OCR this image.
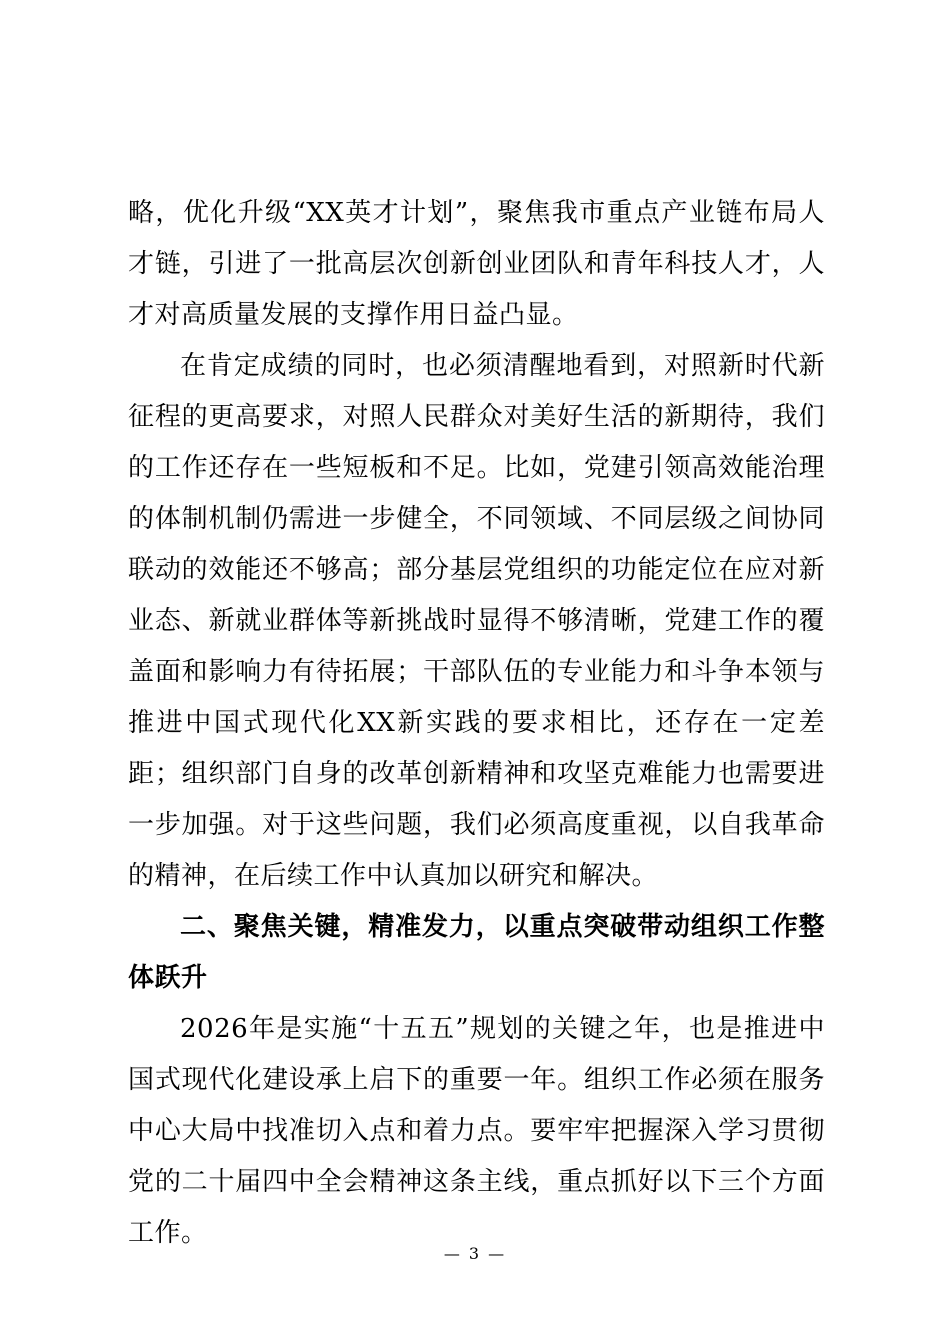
略，优化升级“XX英才计划”，聚焦我市重点产业链布局人才链，引进了一批高层次创新创业团队和青年科技人才，人才对高质量发展的支撑作用日益凸显。

在肯定成绩的同时，也必须清醒地看到，对照新时代新征程的更高要求，对照人民群众对美好生活的新期待，我们的工作还存在一些短板和不足。比如，党建引领高效能治理的体制机制仍需进一步健全，不同领域、不同层级之间协同联动的效能还不够高；部分基层党组织的功能定位在应对新业态、新就业群体等新挑战时显得不够清晰，党建工作的覆盖面和影响力有待拓展；干部队伍的专业能力和斗争本领与推进中国式现代化XX新实践的要求相比，还存在一定差距；组织部门自身的改革创新精神和攻坚克难能力也需要进一步加强。对于这些问题，我们必须高度重视，以自我革命的精神，在后续工作中认真加以研究和解决。

二、聚焦关键，精准发力，以重点突破带动组织工作整体跃升

2026年是实施“十五五”规划的关键之年，也是推进中国式现代化建设承上启下的重要一年。组织工作必须在服务中心大局中找准切入点和着力点。要牢牢把握深入学习贯彻党的二十届四中全会精神这条主线，重点抓好以下三个方面工作。

— 3 —
